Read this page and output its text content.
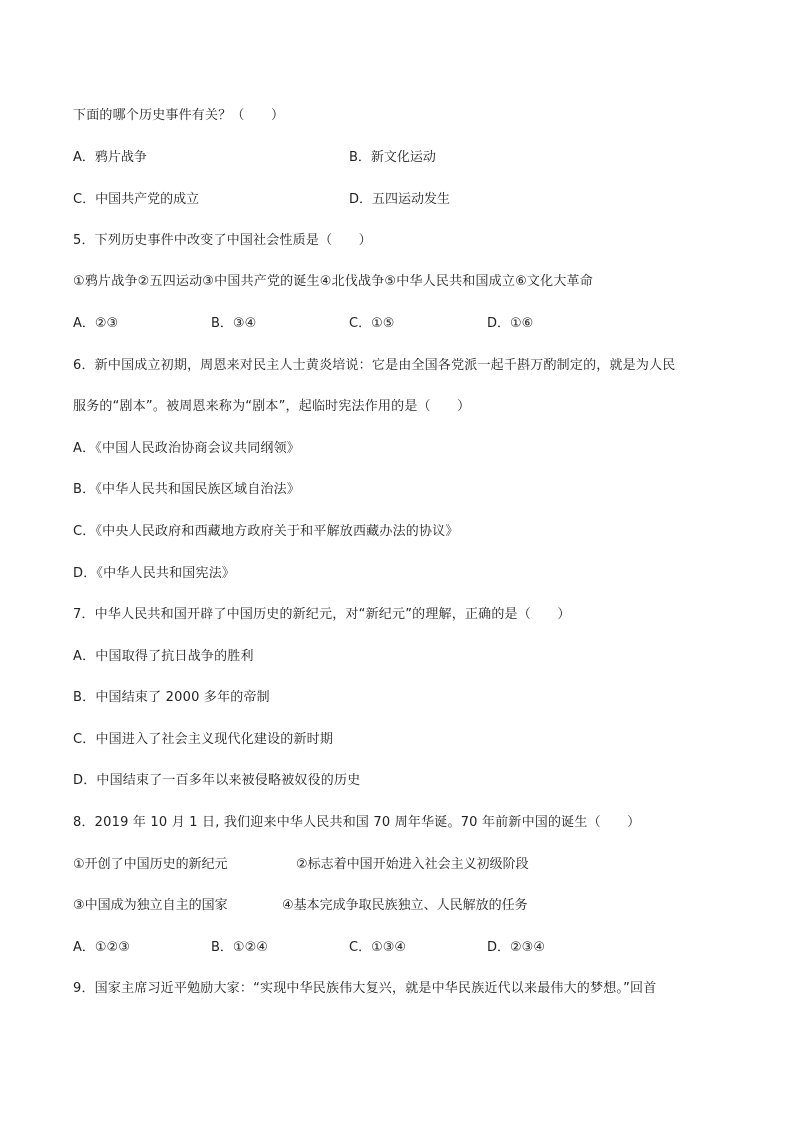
下面的哪个历史事件有关？（　　）
A．鸦片战争	B．新文化运动
C．中国共产党的成立	D．五四运动发生
5．下列历史事件中改变了中国社会性质是（　　）
①鸦片战争②五四运动③中国共产党的诞生④北伐战争⑤中华人民共和国成立⑥文化大革命
A．②③	B．③④	C．①⑤	D．①⑥
6．新中国成立初期，周恩来对民主人士黄炎培说：它是由全国各党派一起千斟万酌制定的，就是为人民
服务的“剧本”。被周恩来称为“剧本”，起临时宪法作用的是（　　）
A．《中国人民政治协商会议共同纲领》
B．《中华人民共和国民族区域自治法》
C．《中央人民政府和西藏地方政府关于和平解放西藏办法的协议》
D．《中华人民共和国宪法》
7．中华人民共和国开辟了中国历史的新纪元，对“新纪元”的理解，正确的是（　　）
A．中国取得了抗日战争的胜利
B．中国结束了 2000 多年的帝制
C．中国进入了社会主义现代化建设的新时期
D．中国结束了一百多年以来被侵略被奴役的历史
8．2019 年 10 月 1 日, 我们迎来中华人民共和国 70 周年华诞。70 年前新中国的诞生（　　）
①开创了中国历史的新纪元	②标志着中国开始进入社会主义初级阶段
③中国成为独立自主的国家	④基本完成争取民族独立、人民解放的任务
A．①②③	B．①②④	C．①③④	D．②③④
9．国家主席习近平勉励大家：“实现中华民族伟大复兴，就是中华民族近代以来最伟大的梦想。”回首
